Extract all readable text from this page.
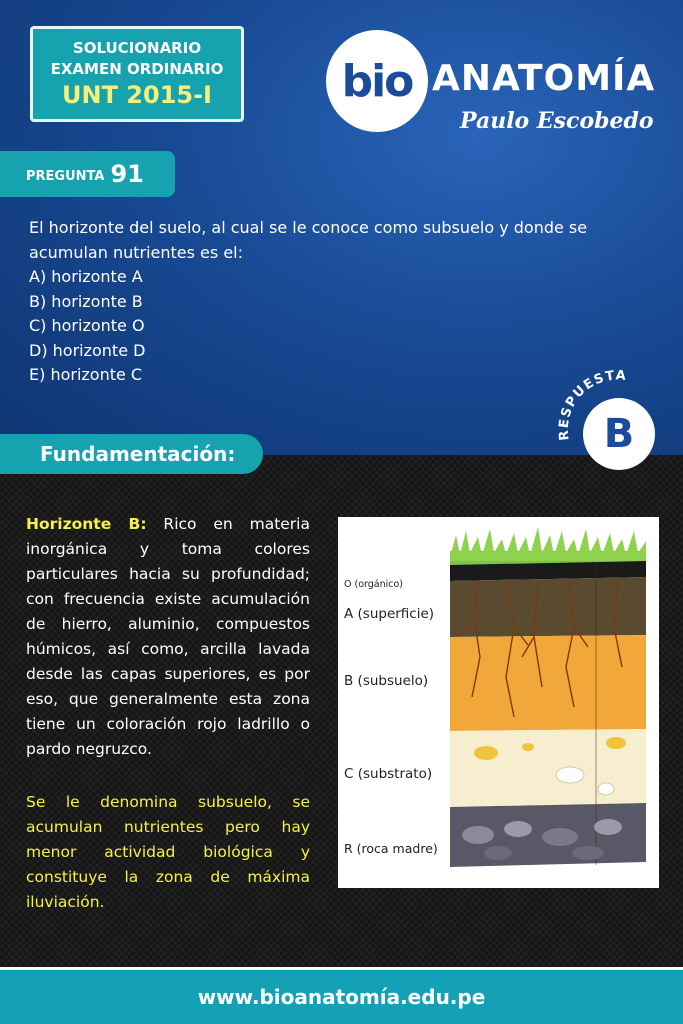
SOLUCIONARIO
EXAMEN ORDINARIO
UNT 2015-I	bio ANATOMÍA
Paulo Escobedo
PREGUNTA 91
El horizonte del suelo, al cual se le conoce como subsuelo y donde se
acumulan nutrientes es el:
A) horizonte A
B) horizonte B
C) horizonte O
D) horizonte D
E) horizonte C
RESPUESTA
B
Fundamentación:
Horizonte B: Rico en materia inorgánica y toma colores particulares hacia su profundidad; con frecuencia existe acumulación de hierro, aluminio, compuestos húmicos, así como, arcilla lavada desde las capas superiores, es por eso, que generalmente esta zona tiene un coloración rojo ladrillo o pardo negruzco.
Se le denomina subsuelo, se acumulan nutrientes pero hay menor actividad biológica y constituye la zona de máxima iluviación.
O (orgánico)
A (superficie)
B (subsuelo)
C (substrato)
R (roca madre)
www.bioanatomía.edu.pe
